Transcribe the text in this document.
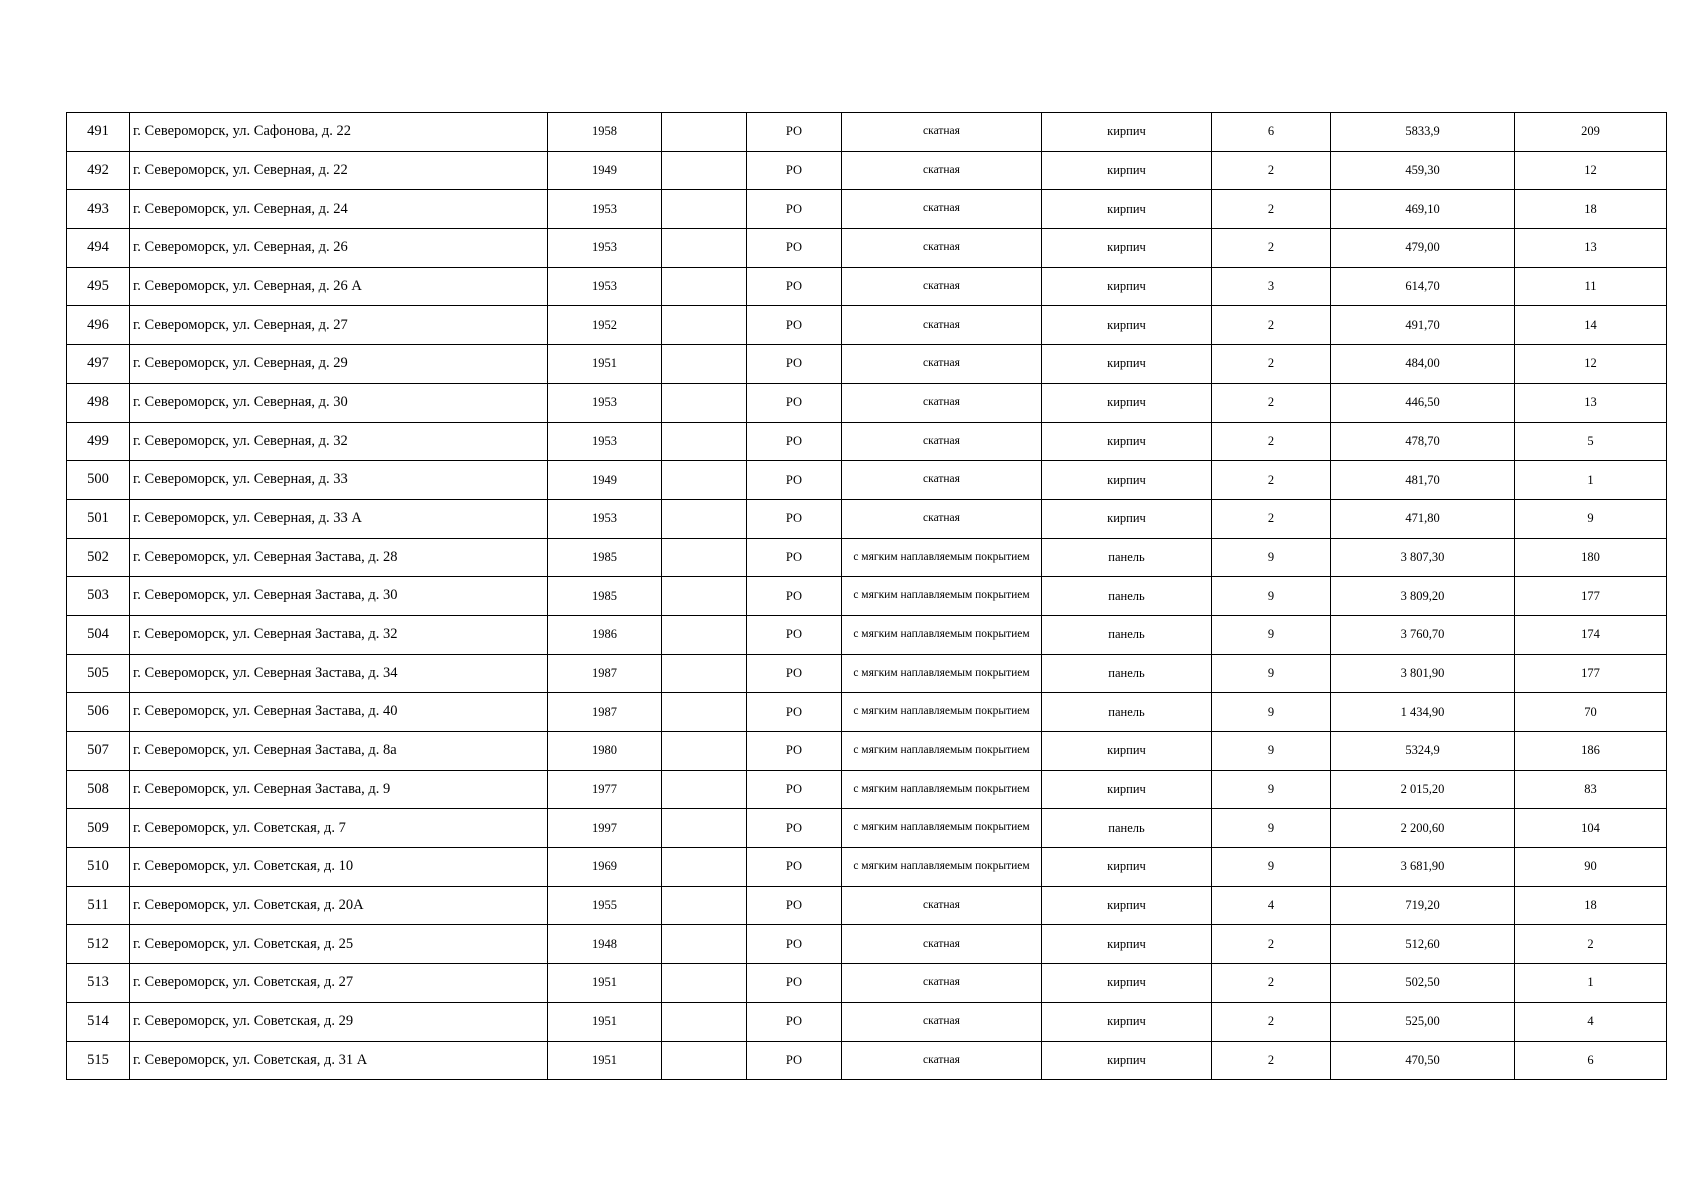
491	г. Североморск, ул. Сафонова, д. 22	1958		РО	скатная	кирпич	6	5833,9	209
492	г. Североморск, ул. Северная, д. 22	1949		РО	скатная	кирпич	2	459,30	12
493	г. Североморск, ул. Северная, д. 24	1953		РО	скатная	кирпич	2	469,10	18
494	г. Североморск, ул. Северная, д. 26	1953		РО	скатная	кирпич	2	479,00	13
495	г. Североморск, ул. Северная, д. 26 А	1953		РО	скатная	кирпич	3	614,70	11
496	г. Североморск, ул. Северная, д. 27	1952		РО	скатная	кирпич	2	491,70	14
497	г. Североморск, ул. Северная, д. 29	1951		РО	скатная	кирпич	2	484,00	12
498	г. Североморск, ул. Северная, д. 30	1953		РО	скатная	кирпич	2	446,50	13
499	г. Североморск, ул. Северная, д. 32	1953		РО	скатная	кирпич	2	478,70	5
500	г. Североморск, ул. Северная, д. 33	1949		РО	скатная	кирпич	2	481,70	1
501	г. Североморск, ул. Северная, д. 33 А	1953		РО	скатная	кирпич	2	471,80	9
502	г. Североморск, ул. Северная Застава, д. 28	1985		РО	с мягким наплавляемым покрытием	панель	9	3 807,30	180
503	г. Североморск, ул. Северная Застава, д. 30	1985		РО	с мягким наплавляемым покрытием	панель	9	3 809,20	177
504	г. Североморск, ул. Северная Застава, д. 32	1986		РО	с мягким наплавляемым покрытием	панель	9	3 760,70	174
505	г. Североморск, ул. Северная Застава, д. 34	1987		РО	с мягким наплавляемым покрытием	панель	9	3 801,90	177
506	г. Североморск, ул. Северная Застава, д. 40	1987		РО	с мягким наплавляемым покрытием	панель	9	1 434,90	70
507	г. Североморск, ул. Северная Застава, д. 8а	1980		РО	с мягким наплавляемым покрытием	кирпич	9	5324,9	186
508	г. Североморск, ул. Северная Застава, д. 9	1977		РО	с мягким наплавляемым покрытием	кирпич	9	2 015,20	83
509	г. Североморск, ул. Советская, д. 7	1997		РО	с мягким наплавляемым покрытием	панель	9	2 200,60	104
510	г. Североморск, ул. Советская, д. 10	1969		РО	с мягким наплавляемым покрытием	кирпич	9	3 681,90	90
511	г. Североморск, ул. Советская, д. 20А	1955		РО	скатная	кирпич	4	719,20	18
512	г. Североморск, ул. Советская, д. 25	1948		РО	скатная	кирпич	2	512,60	2
513	г. Североморск, ул. Советская, д. 27	1951		РО	скатная	кирпич	2	502,50	1
514	г. Североморск, ул. Советская, д. 29	1951		РО	скатная	кирпич	2	525,00	4
515	г. Североморск, ул. Советская, д. 31 А	1951		РО	скатная	кирпич	2	470,50	6
